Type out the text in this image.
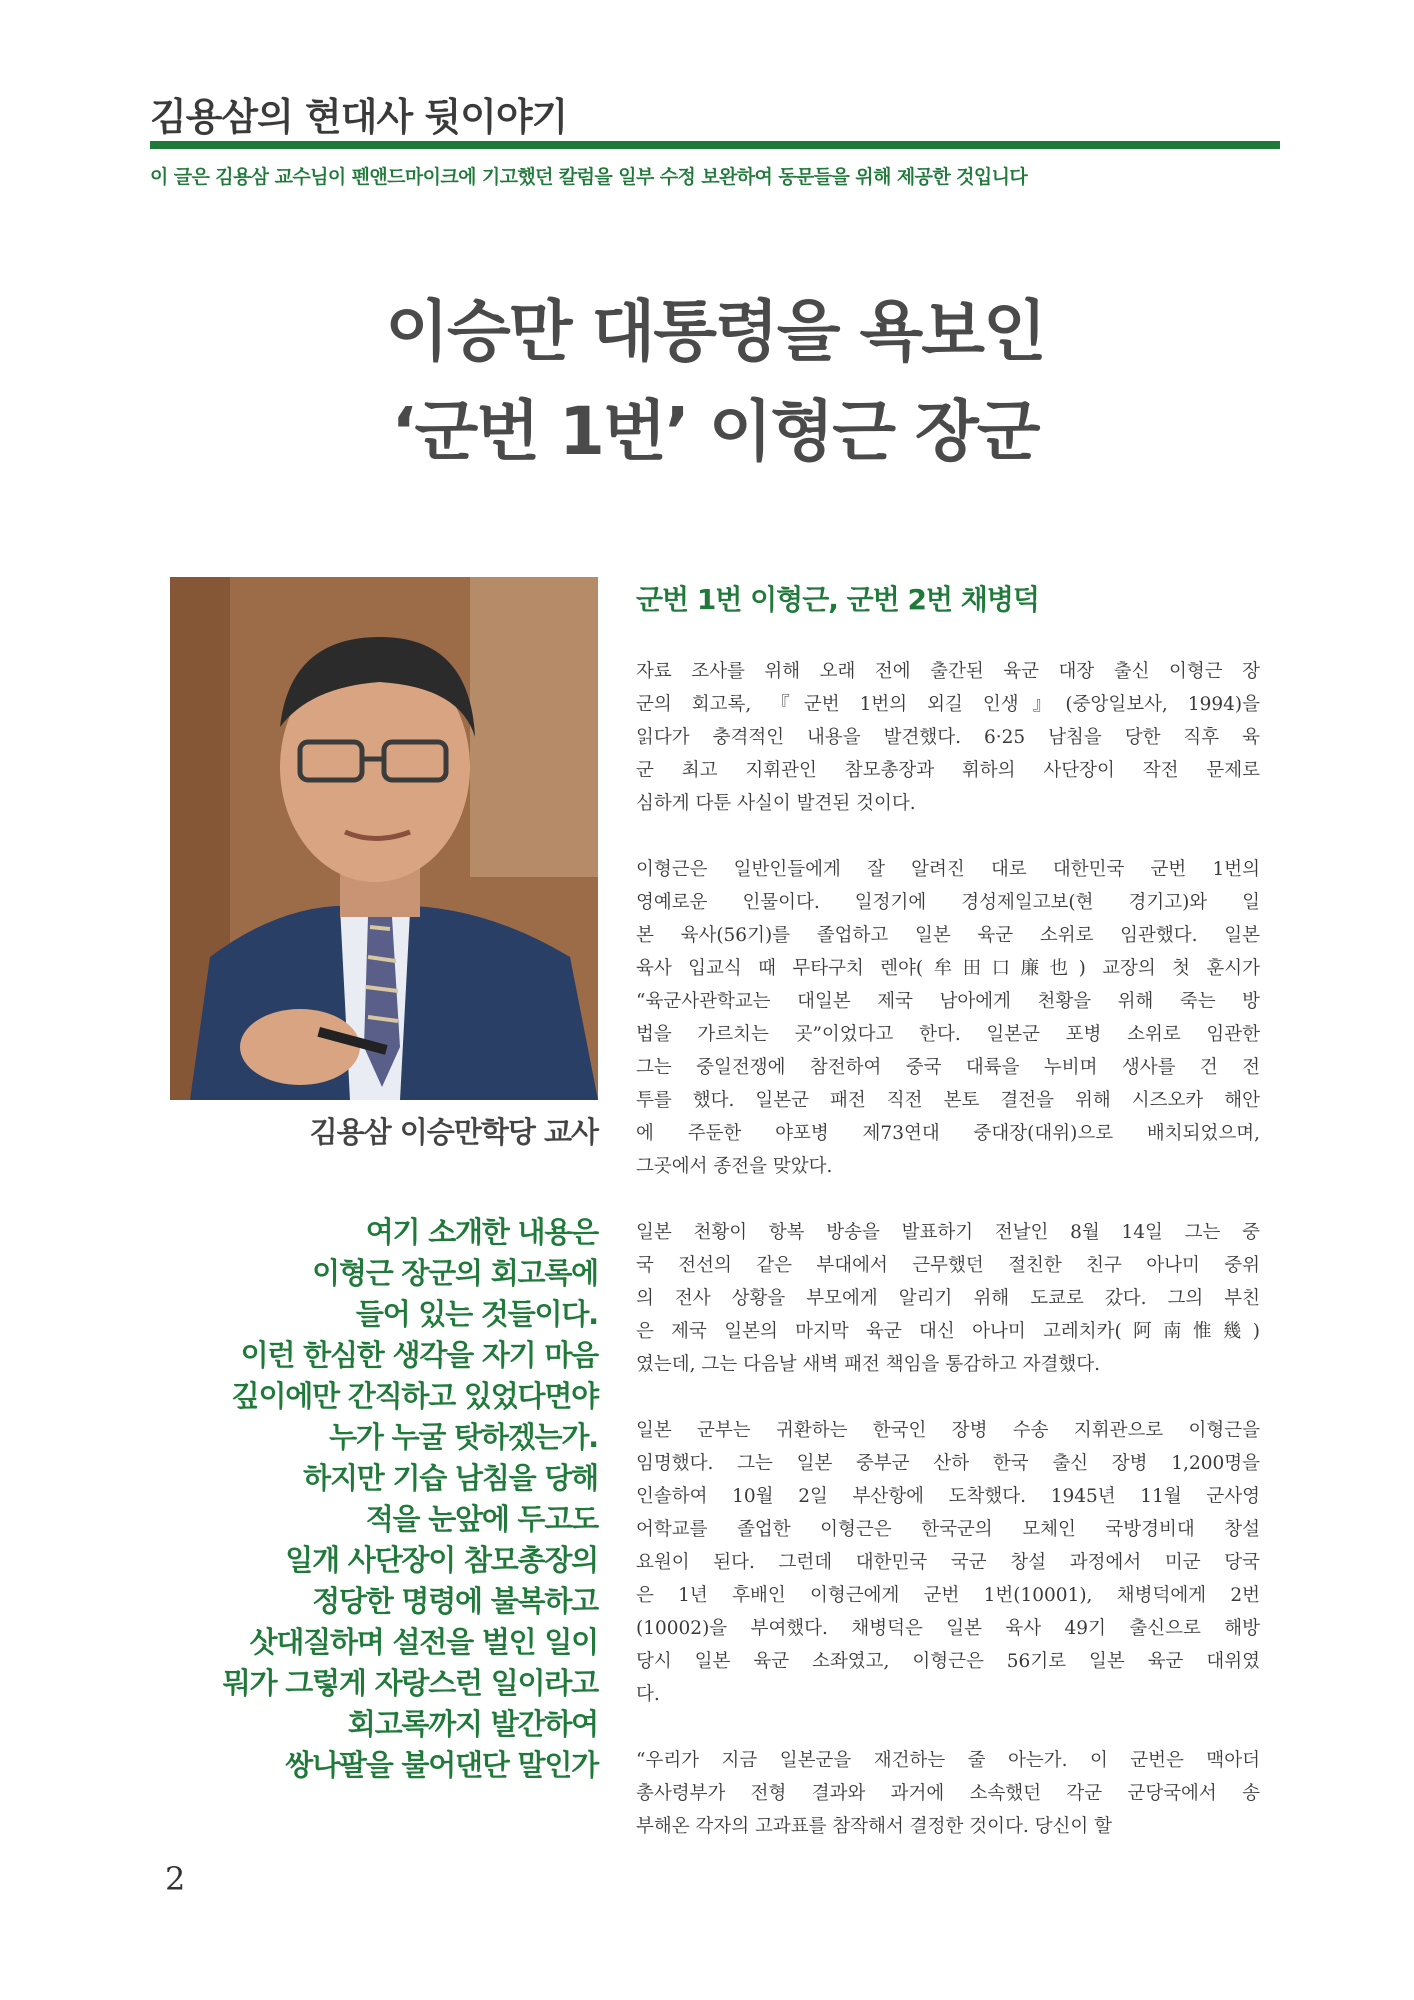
김용삼의 현대사 뒷이야기
이 글은 김용삼 교수님이 펜앤드마이크에 기고했던 칼럼을 일부 수정 보완하여 동문들을 위해 제공한 것입니다
이승만 대통령을 욕보인
‘군번 1번’ 이형근 장군
김용삼 이승만학당 교사
여기 소개한 내용은
이형근 장군의 회고록에
들어 있는 것들이다.
이런 한심한 생각을 자기 마음
깊이에만 간직하고 있었다면야
누가 누굴 탓하겠는가.
하지만 기습 남침을 당해
적을 눈앞에 두고도
일개 사단장이 참모총장의
정당한 명령에 불복하고
삿대질하며 설전을 벌인 일이
뭐가 그렇게 자랑스런 일이라고
회고록까지 발간하여
쌍나팔을 불어댄단 말인가
군번 1번 이형근, 군번 2번 채병덕

자료 조사를 위해 오래 전에 출간된 육군 대장 출신 이형근 장
군의 회고록, 『군번 1번의 외길 인생』(중앙일보사, 1994)을
읽다가 충격적인 내용을 발견했다. 6·25 남침을 당한 직후 육
군 최고 지휘관인 참모총장과 휘하의 사단장이 작전 문제로
심하게 다툰 사실이 발견된 것이다.

이형근은 일반인들에게 잘 알려진 대로 대한민국 군번 1번의
영예로운 인물이다. 일정기에 경성제일고보(현 경기고)와 일
본 육사(56기)를 졸업하고 일본 육군 소위로 임관했다. 일본
육사 입교식 때 무타구치 렌야(牟田口廉也) 교장의 첫 훈시가
“육군사관학교는 대일본 제국 남아에게 천황을 위해 죽는 방
법을 가르치는 곳”이었다고 한다. 일본군 포병 소위로 임관한
그는 중일전쟁에 참전하여 중국 대륙을 누비며 생사를 건 전
투를 했다. 일본군 패전 직전 본토 결전을 위해 시즈오카 해안
에 주둔한 야포병 제73연대 중대장(대위)으로 배치되었으며,
그곳에서 종전을 맞았다.

일본 천황이 항복 방송을 발표하기 전날인 8월 14일 그는 중
국 전선의 같은 부대에서 근무했던 절친한 친구 아나미 중위
의 전사 상황을 부모에게 알리기 위해 도쿄로 갔다. 그의 부친
은 제국 일본의 마지막 육군 대신 아나미 고레치카(阿南惟幾)
였는데, 그는 다음날 새벽 패전 책임을 통감하고 자결했다.

일본 군부는 귀환하는 한국인 장병 수송 지휘관으로 이형근을
임명했다. 그는 일본 중부군 산하 한국 출신 장병 1,200명을
인솔하여 10월 2일 부산항에 도착했다. 1945년 11월 군사영
어학교를 졸업한 이형근은 한국군의 모체인 국방경비대 창설
요원이 된다. 그런데 대한민국 국군 창설 과정에서 미군 당국
은 1년 후배인 이형근에게 군번 1번(10001), 채병덕에게 2번
(10002)을 부여했다. 채병덕은 일본 육사 49기 출신으로 해방
당시 일본 육군 소좌였고, 이형근은 56기로 일본 육군 대위였
다.

“우리가 지금 일본군을 재건하는 줄 아는가. 이 군번은 맥아더
총사령부가 전형 결과와 과거에 소속했던 각군 군당국에서 송
부해온 각자의 고과표를 참작해서 결정한 것이다. 당신이 할

2
